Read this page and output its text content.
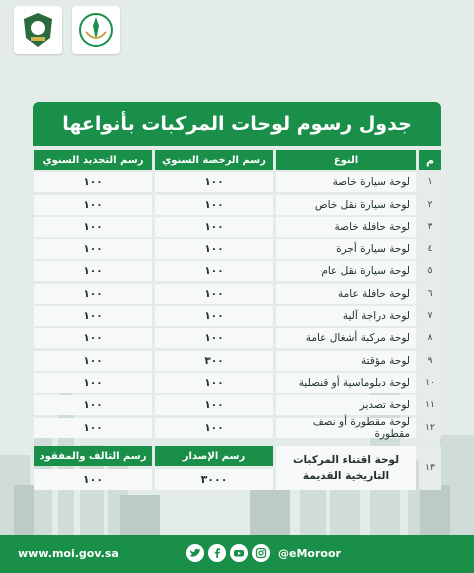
جدول رسوم لوحات المركبات بأنواعها
م
النوع
رسم الرخصة السنوي
رسم التجديد السنوي
١
لوحة سيارة خاصة
١٠٠
١٠٠
٢
لوحة سيارة نقل خاص
١٠٠
١٠٠
٣
لوحة حافلة خاصة
١٠٠
١٠٠
٤
لوحة سيارة أجرة
١٠٠
١٠٠
٥
لوحة سيارة نقل عام
١٠٠
١٠٠
٦
لوحة حافلة عامة
١٠٠
١٠٠
٧
لوحة دراجة آلية
١٠٠
١٠٠
٨
لوحة مركبة أشغال عامة
١٠٠
١٠٠
٩
لوحة مؤقتة
٣٠٠
١٠٠
١٠
لوحة دبلوماسية أو قنصلية
١٠٠
١٠٠
١١
لوحة تصدير
١٠٠
١٠٠
١٢
لوحة مقطورة أو نصف مقطورة
١٠٠
١٠٠
١٣
لوحة اقتناء المركبات
التاريخية القديمة
رسم الإصدار
٣٠٠٠
رسم التالف والمفقود
١٠٠
www.moi.gov.sa	@eMoroor
